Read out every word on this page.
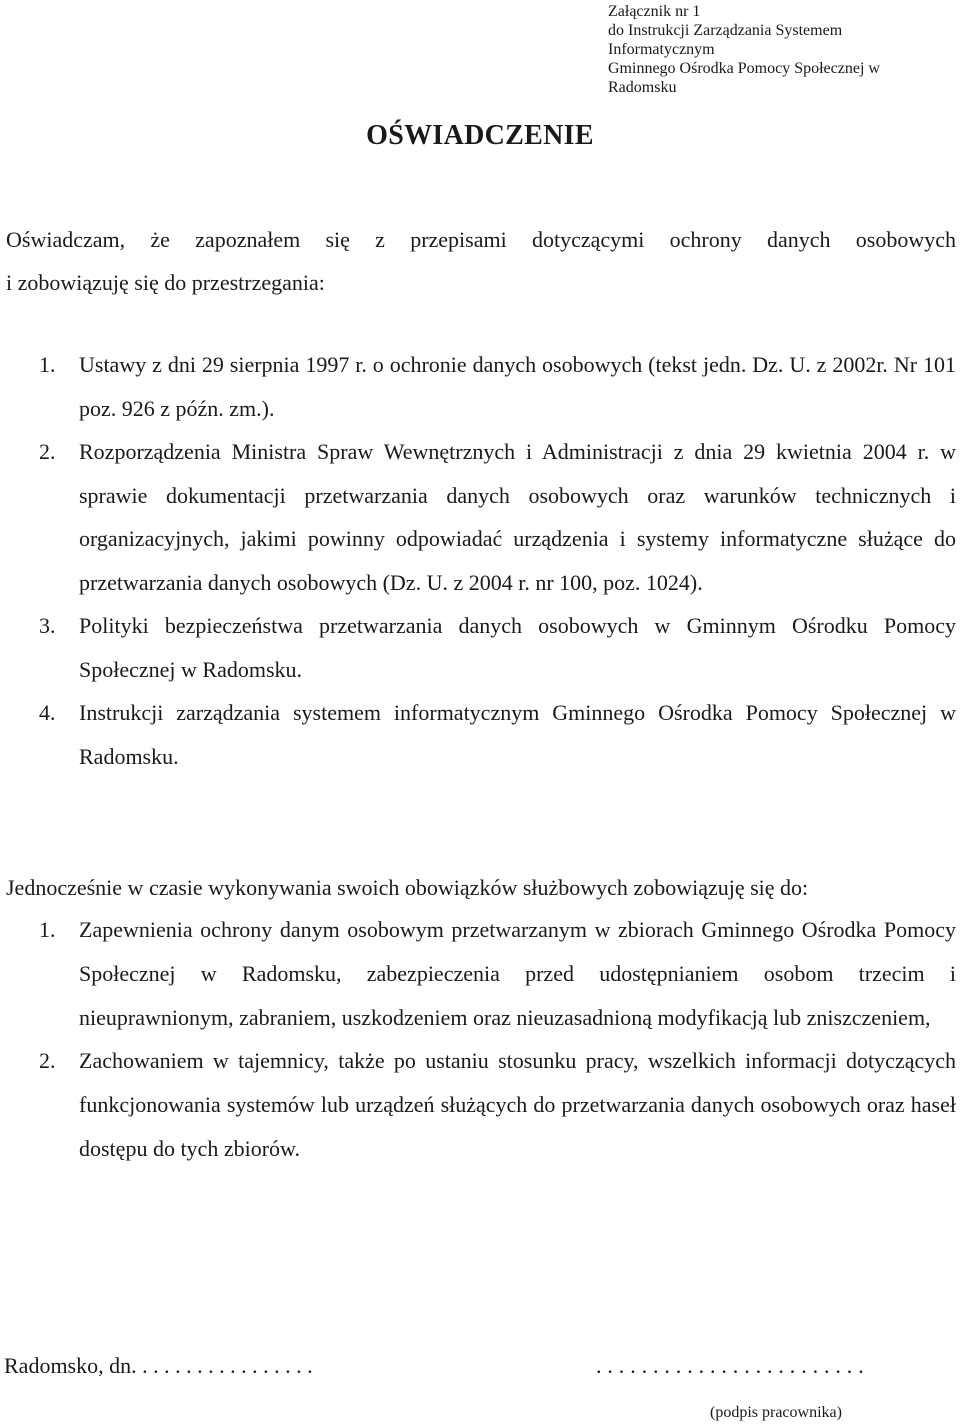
Załącznik nr 1
do Instrukcji Zarządzania Systemem
Informatycznym
Gminnego Ośrodka Pomocy Społecznej w
Radomsku
OŚWIADCZENIE
Oświadczam, że zapoznałem się z przepisami dotyczącymi ochrony danych osobowych
i zobowiązuję się do przestrzegania:
1. Ustawy z dni 29 sierpnia 1997 r. o ochronie danych osobowych (tekst jedn. Dz. U. z 2002r. Nr 101 poz. 926 z późn. zm.).
2. Rozporządzenia Ministra Spraw Wewnętrznych i Administracji z dnia 29 kwietnia 2004 r. w sprawie dokumentacji przetwarzania danych osobowych oraz warunków technicznych i organizacyjnych, jakimi powinny odpowiadać urządzenia i systemy informatyczne służące do przetwarzania danych osobowych (Dz. U. z 2004 r. nr 100, poz. 1024).
3. Polityki bezpieczeństwa przetwarzania danych osobowych w Gminnym Ośrodku Pomocy Społecznej w Radomsku.
4. Instrukcji zarządzania systemem informatycznym Gminnego Ośrodka Pomocy Społecznej w Radomsku.
Jednocześnie w czasie wykonywania swoich obowiązków służbowych zobowiązuję się do:
1. Zapewnienia ochrony danym osobowym przetwarzanym w zbiorach Gminnego Ośrodka Pomocy Społecznej w Radomsku, zabezpieczenia przed udostępnianiem osobom trzecim i nieuprawnionym, zabraniem, uszkodzeniem oraz nieuzasadnioną modyfikacją lub zniszczeniem,
2. Zachowaniem w tajemnicy, także po ustaniu stosunku pracy, wszelkich informacji dotyczących funkcjonowania systemów lub urządzeń służących do przetwarzania danych osobowych oraz haseł dostępu do tych zbiorów.
Radomsko, dn. . . . . . . . . . . . . . . . .	. . . . . . . . . . . . . . . . . . . . . . . .
(podpis pracownika)
